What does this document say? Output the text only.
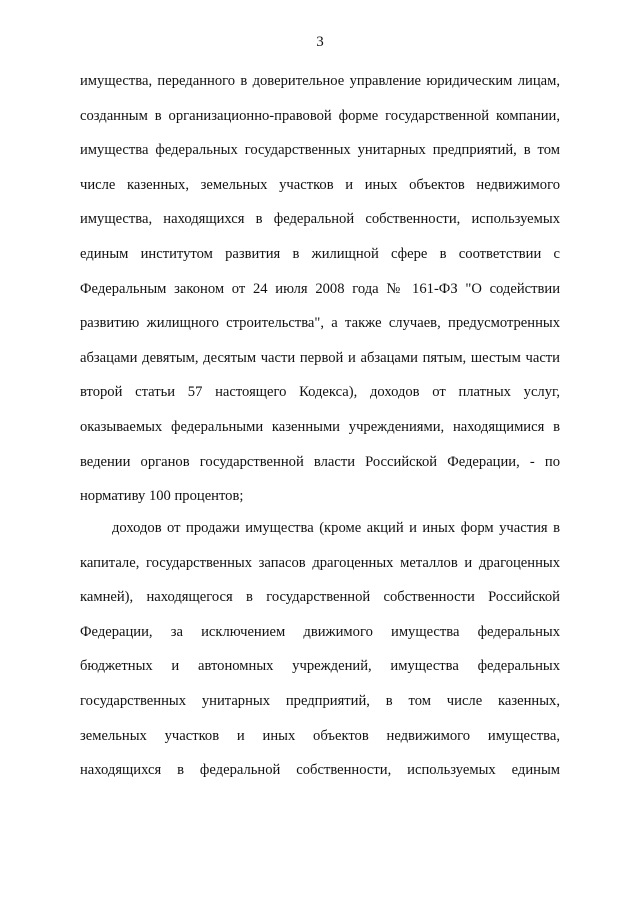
3
имущества, переданного в доверительное управление юридическим лицам,
созданным в организационно-правовой форме государственной компании,
имущества федеральных государственных унитарных предприятий, в том
числе казенных, земельных участков и иных объектов недвижимого
имущества, находящихся в федеральной собственности, используемых
единым институтом развития в жилищной сфере в соответствии с
Федеральным законом от 24 июля 2008 года № 161-ФЗ "О содействии
развитию жилищного строительства", а также случаев, предусмотренных
абзацами девятым, десятым части первой и абзацами пятым, шестым части
второй статьи 57 настоящего Кодекса), доходов от платных услуг,
оказываемых федеральными казенными учреждениями, находящимися в
ведении органов государственной власти Российской Федерации, - по
нормативу 100 процентов;
доходов от продажи имущества (кроме акций и иных форм участия в
капитале, государственных запасов драгоценных металлов и драгоценных
камней), находящегося в государственной собственности Российской
Федерации, за исключением движимого имущества федеральных
бюджетных и автономных учреждений, имущества федеральных
государственных унитарных предприятий, в том числе казенных,
земельных участков и иных объектов недвижимого имущества,
находящихся в федеральной собственности, используемых единым
